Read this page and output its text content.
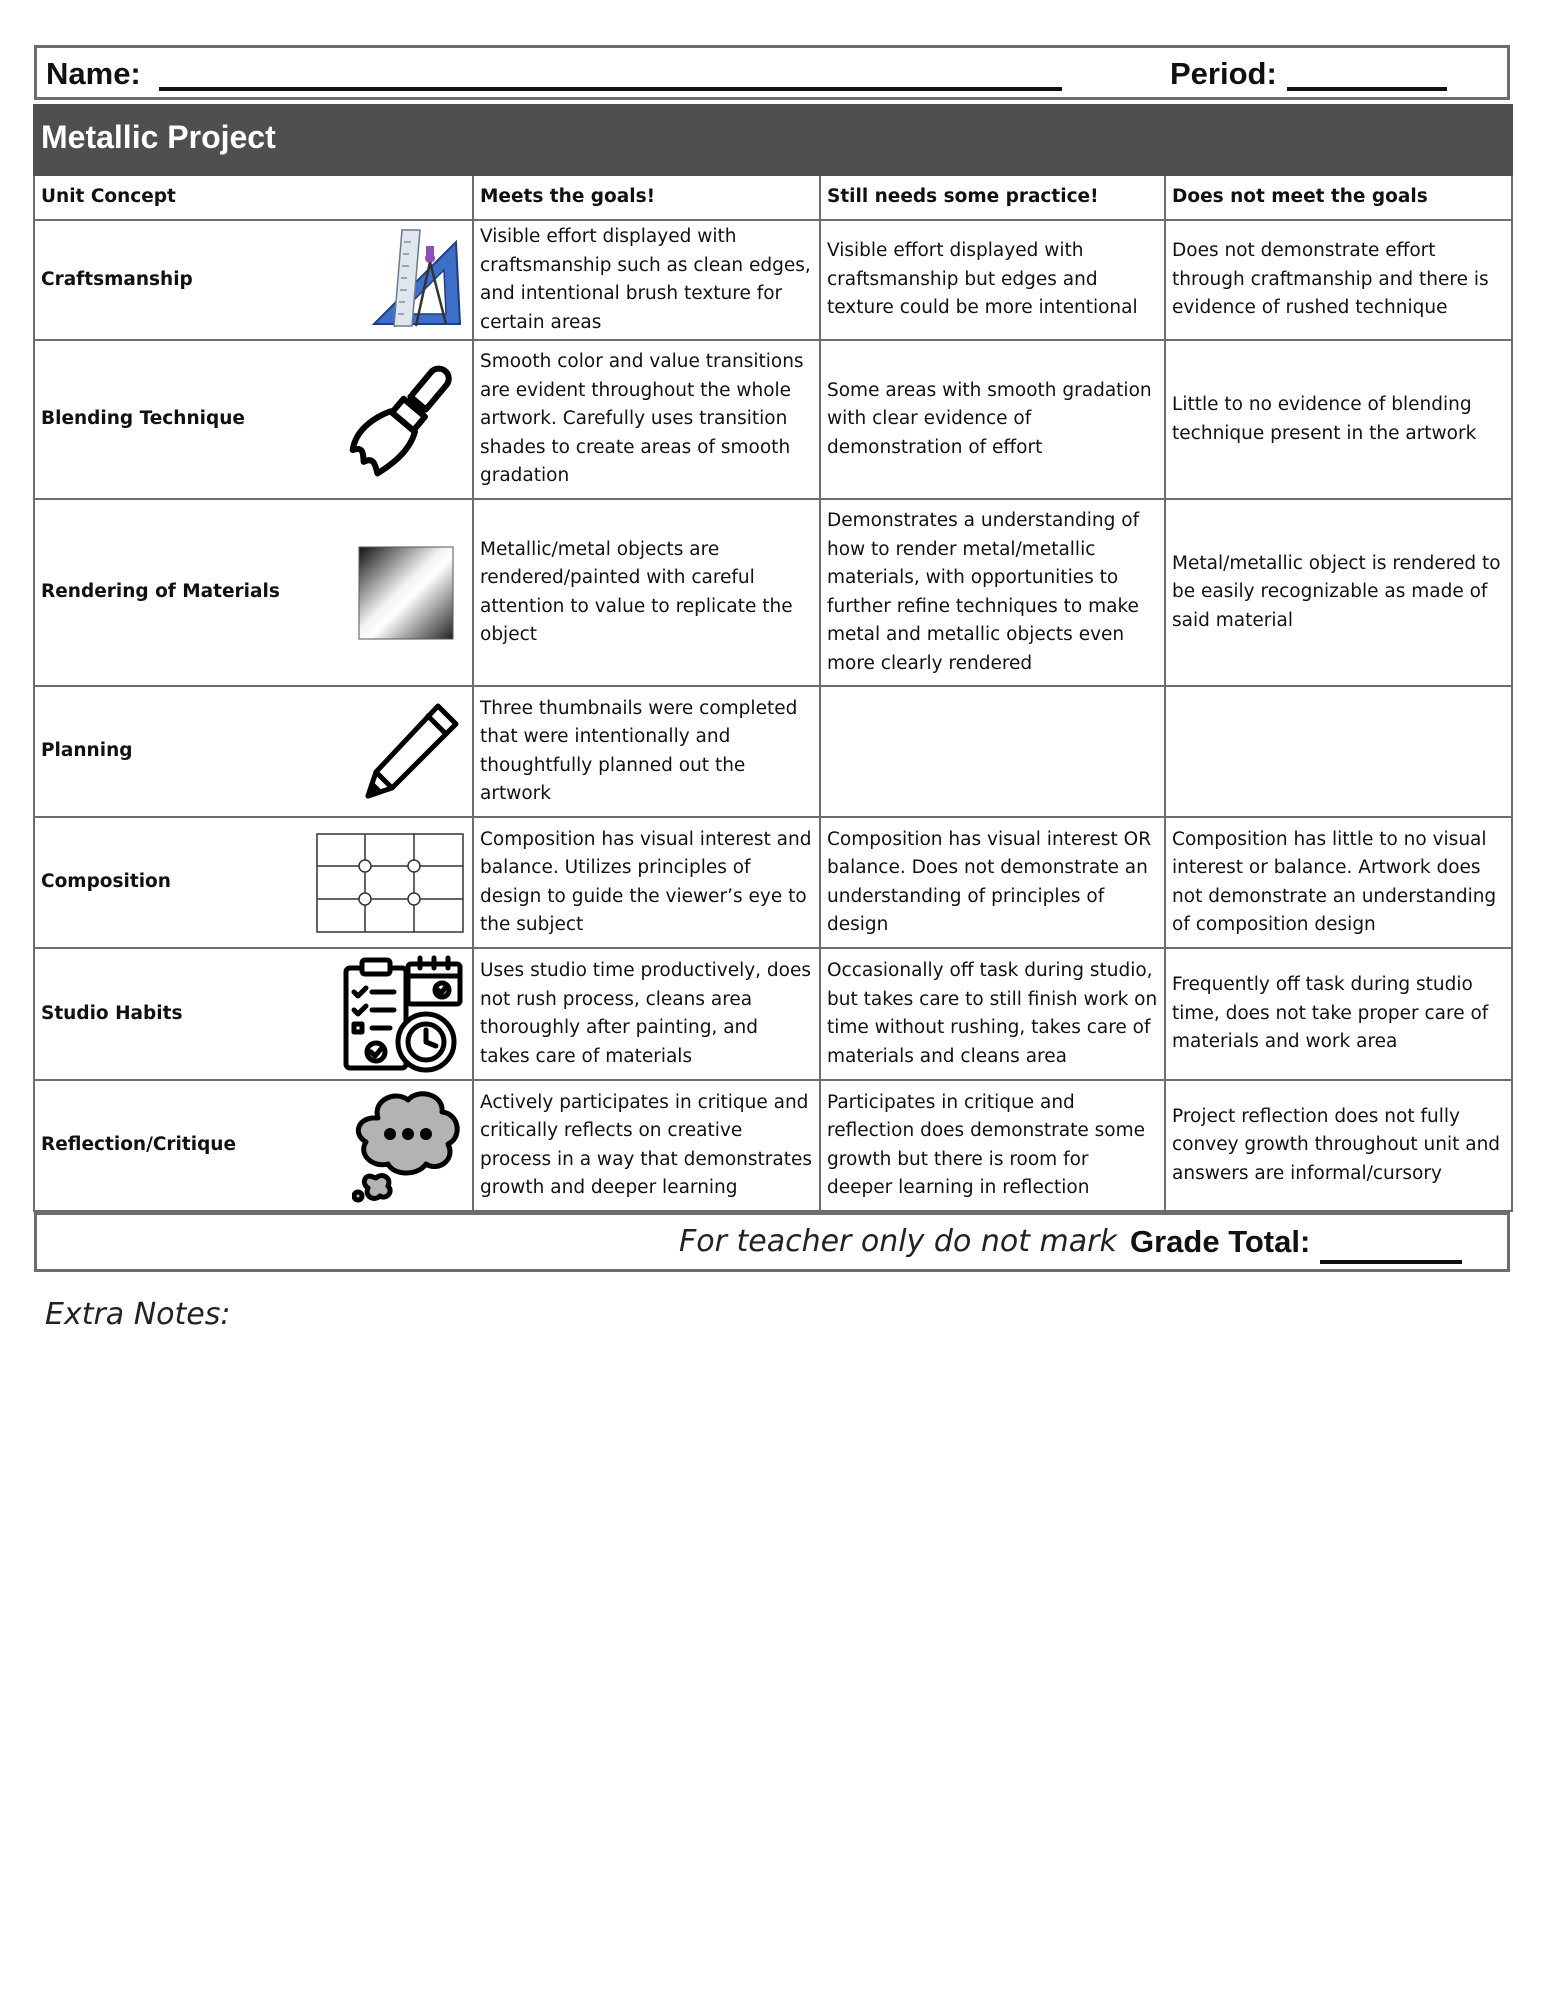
Name:	Period:
Metallic Project			
Unit Concept	Meets the goals!	Still needs some practice!	Does not meet the goals

Craftsmanship	Visible effort displayed with craftsmanship such as clean edges, and intentional brush texture for certain areas	Visible effort displayed with craftsmanship but edges and texture could be more intentional	Does not demonstrate effort through craftmanship and there is evidence of rushed technique

Blending Technique	Smooth color and value transitions are evident throughout the whole artwork. Carefully uses transition shades to create areas of smooth gradation	Some areas with smooth gradation with clear evidence of demonstration of effort	Little to no evidence of blending technique present in the artwork

Rendering of Materials	Metallic/metal objects are rendered/painted with careful attention to value to replicate the object	Demonstrates a understanding of how to render metal/metallic materials, with opportunities to further refine techniques to make metal and metallic objects even more clearly rendered	Metal/metallic object is rendered to be easily recognizable as made of said material

Planning	Three thumbnails were completed that were intentionally and thoughtfully planned out the artwork		

Composition	Composition has visual interest and balance. Utilizes principles of design to guide the viewer’s eye to the subject	Composition has visual interest OR balance. Does not demonstrate an understanding of principles of design	Composition has little to no visual interest or balance. Artwork does not demonstrate an understanding of composition design

Studio Habits	Uses studio time productively, does not rush process, cleans area thoroughly after painting, and takes care of materials	Occasionally off task during studio, but takes care to still finish work on time without rushing, takes care of materials and cleans area	Frequently off task during studio time, does not take proper care of materials and work area

Reflection/Critique	Actively participates in critique and critically reflects on creative process in a way that demonstrates growth and deeper learning	Participates in critique and reflection does demonstrate some growth but there is room for deeper learning in reflection	Project reflection does not fully convey growth throughout unit and answers are informal/cursory
For teacher only do not mark Grade Total:
Extra Notes:
